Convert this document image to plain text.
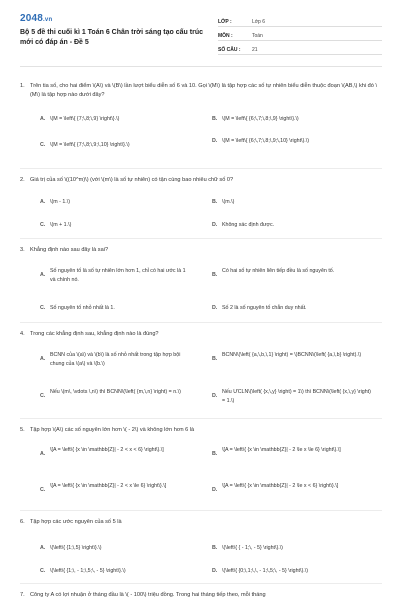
2048.vn
Bộ 5 đề thi cuối kì 1 Toán 6 Chân trời sáng tạo cấu trúc mới có đáp án - Đề 5
LỚP :	Lớp 6
MÔN :	Toán
SỐ CÂU :	21
1. Trên tia số, cho hai điểm \(A\) và \(B\) lần lượt biểu diễn số 6 và 10. Gọi \(M\) là tập hợp các số tự nhiên biểu diễn thuộc đoạn \(AB,\) khi đó \(M\) là tập hợp nào dưới đây?
A. \(M = \left\{ {7;\,8;\,9} \right\}.\)	B. \(M = \left\{ {6;\,7;\,8;\,9} \right\}.\)
C. \(M = \left\{ {7;\,8;\,9;\,10} \right\}.\)
D. \(M = \left\{ {6;\,7;\,8;\,9;\,10} \right\}.\)
2. Giá trị của số \((10^m)\) (với \(m\) là số tự nhiên) có tận cùng bao nhiêu chữ số 0?
A. \(m - 1.\)	B. \(m.\)
C. \(m + 1.\)	D. Không xác định được.
3. Khẳng định nào sau đây là sai?
A.
Số nguyên tố là số tự nhiên lớn hơn 1, chỉ có hai ước là 1 và chính nó.
B.
Có hai số tự nhiên liên tiếp đều là số nguyên tố.
C. Số nguyên tố nhỏ nhất là 1.	D. Số 2 là số nguyên tố chẵn duy nhất.
4. Trong các khẳng định sau, khẳng định nào là đúng?
A.
BCNN của \(a\) và \(b\) là số nhỏ nhất trong tập hợp bội chung của \(a\) và \(b.\)
B.
BCNN\(\left( {a,\,b,\,1} \right) = \)BCNN\(\left( {a,\,b} \right).\)
C.
Nếu \(m\, \vdots \,n\) thì BCNN\(\left( {m,\,n} \right) = n.\)
D.
Nếu ƯCLN\(\left( {x,\,y} \right) = 1\) thì BCNN\(\left( {x,\,y} \right) = 1.\)
5. Tập hợp \(A\) các số nguyên lớn hơn \( - 2\) và không lớn hơn 6 là
A.
\[A = \left\{ {x \in \mathbb{Z}| - 2 < x < 6} \right\}.\]
B.
\[A = \left\{ {x \in \mathbb{Z}| - 2 \le x \le 6} \right\}.\]
C.
\[A = \left\{ {x \in \mathbb{Z}| - 2 < x \le 6} \right\}.\]
D.
\[A = \left\{ {x \in \mathbb{Z}| - 2 \le x < 6} \right\}.\]
6. Tập hợp các ước nguyên của số 5 là
A. \(\left\{ {1;\,5} \right\}.\)	B. \(\left\{ { - 1;\, - 5} \right\}.\)
C. \(\left\{ {1;\, - 1;\,5;\, - 5} \right\}.\)	D. \(\left\{ {0;\,1;\,\, - 1;\,5;\, - 5} \right\}.\)
7. Công ty A có lợi nhuận ở tháng đầu là \( - 100\) triệu đồng. Trong hai tháng tiếp theo, mỗi tháng
